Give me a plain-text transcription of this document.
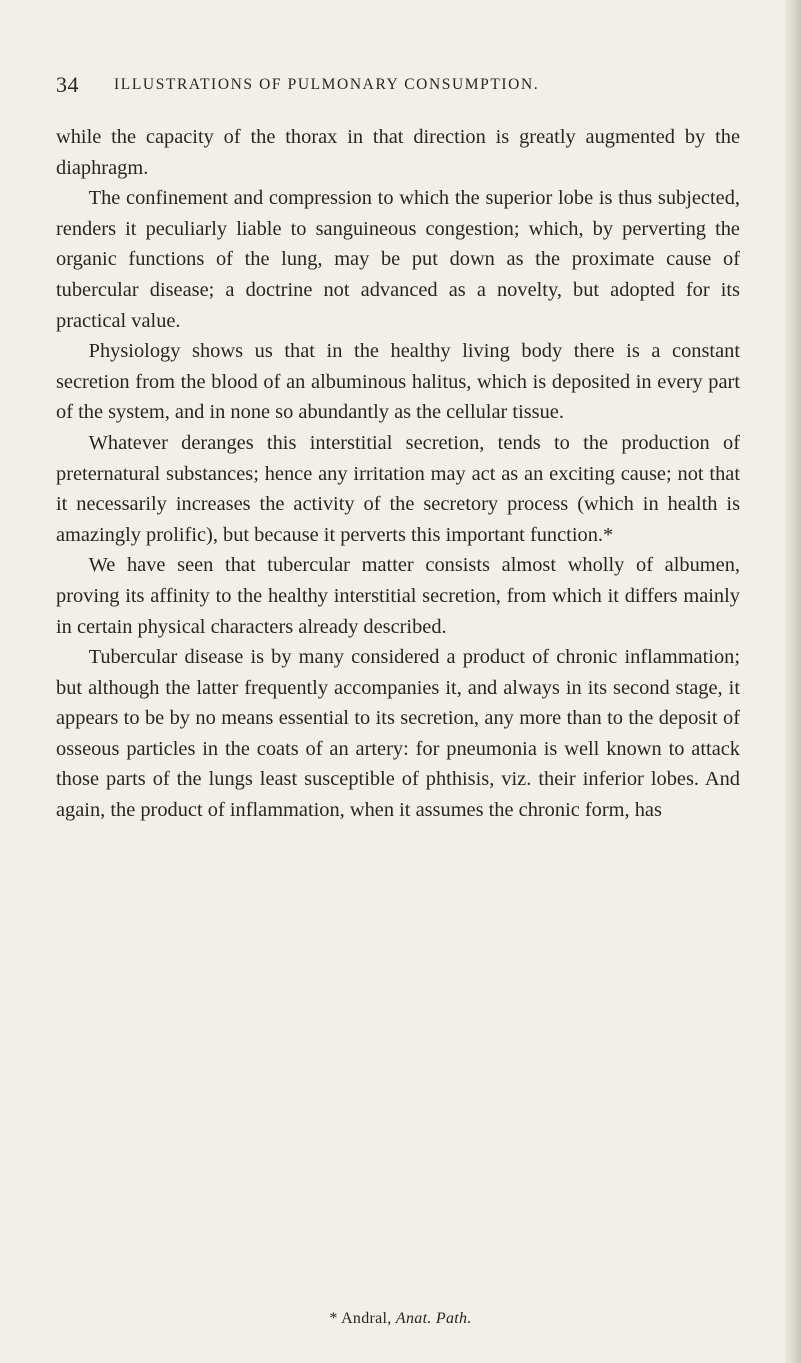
34 ILLUSTRATIONS OF PULMONARY CONSUMPTION.

while the capacity of the thorax in that direction is greatly augmented by the diaphragm.

The confinement and compression to which the superior lobe is thus subjected, renders it peculiarly liable to sanguineous congestion; which, by perverting the organic functions of the lung, may be put down as the proximate cause of tubercular disease; a doctrine not advanced as a novelty, but adopted for its practical value.

Physiology shows us that in the healthy living body there is a constant secretion from the blood of an albuminous halitus, which is deposited in every part of the system, and in none so abundantly as the cellular tissue.

Whatever deranges this interstitial secretion, tends to the production of preternatural substances; hence any irritation may act as an exciting cause; not that it necessarily increases the activity of the secretory process (which in health is amazingly prolific), but because it perverts this important function.*

We have seen that tubercular matter consists almost wholly of albumen, proving its affinity to the healthy interstitial secretion, from which it differs mainly in certain physical characters already described.

Tubercular disease is by many considered a product of chronic inflammation; but although the latter frequently accompanies it, and always in its second stage, it appears to be by no means essential to its secretion, any more than to the deposit of osseous particles in the coats of an artery: for pneumonia is well known to attack those parts of the lungs least susceptible of phthisis, viz. their inferior lobes. And again, the product of inflammation, when it assumes the chronic form, has

* Andral, Anat. Path.
